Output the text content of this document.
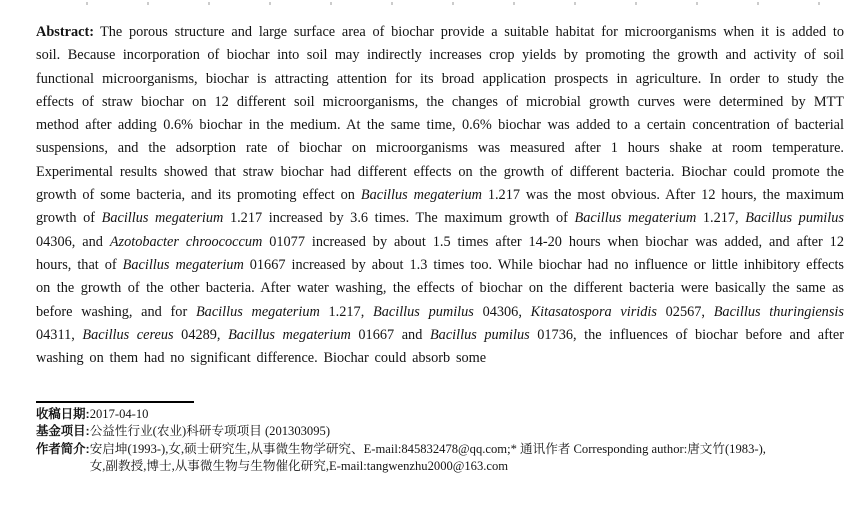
Abstract: The porous structure and large surface area of biochar provide a suitable habitat for microorganisms when it is added to soil. Because incorporation of biochar into soil may indirectly increases crop yields by promoting the growth and activity of soil functional microorganisms, biochar is attracting attention for its broad application prospects in agriculture. In order to study the effects of straw biochar on 12 different soil microorganisms, the changes of microbial growth curves were determined by MTT method after adding 0.6% biochar in the medium. At the same time, 0.6% biochar was added to a certain concentration of bacterial suspensions, and the adsorption rate of biochar on microorganisms was measured after 1 hours shake at room temperature. Experimental results showed that straw biochar had different effects on the growth of different bacteria. Biochar could promote the growth of some bacteria, and its promoting effect on Bacillus megaterium 1.217 was the most obvious. After 12 hours, the maximum growth of Bacillus megaterium 1.217 increased by 3.6 times. The maximum growth of Bacillus megaterium 1.217, Bacillus pumilus 04306, and Azotobacter chroococcum 01077 increased by about 1.5 times after 14-20 hours when biochar was added, and after 12 hours, that of Bacillus megaterium 01667 increased by about 1.3 times too. While biochar had no influence or little inhibitory effects on the growth of the other bacteria. After water washing, the effects of biochar on the different bacteria were basically the same as before washing, and for Bacillus megaterium 1.217, Bacillus pumilus 04306, Kitasatospora viridis 02567, Bacillus thuringiensis 04311, Bacillus cereus 04289, Bacillus megaterium 01667 and Bacillus pumilus 01736, the influences of biochar before and after washing on them had no significant difference. Biochar could absorb some

收稿日期: 2017-04-10
基金项目: 公益性行业(农业)科研专项项目 (201303095)
作者简介: 安启坤(1993-),女,硕士研究生,从事微生物学研究、E-mail:845832478@qq.com;* 通讯作者 Corresponding author:唐文竹(1983-),
女,副教授,博士,从事微生物与生物催化研究,E-mail:tangwenzhu2000@163.com
